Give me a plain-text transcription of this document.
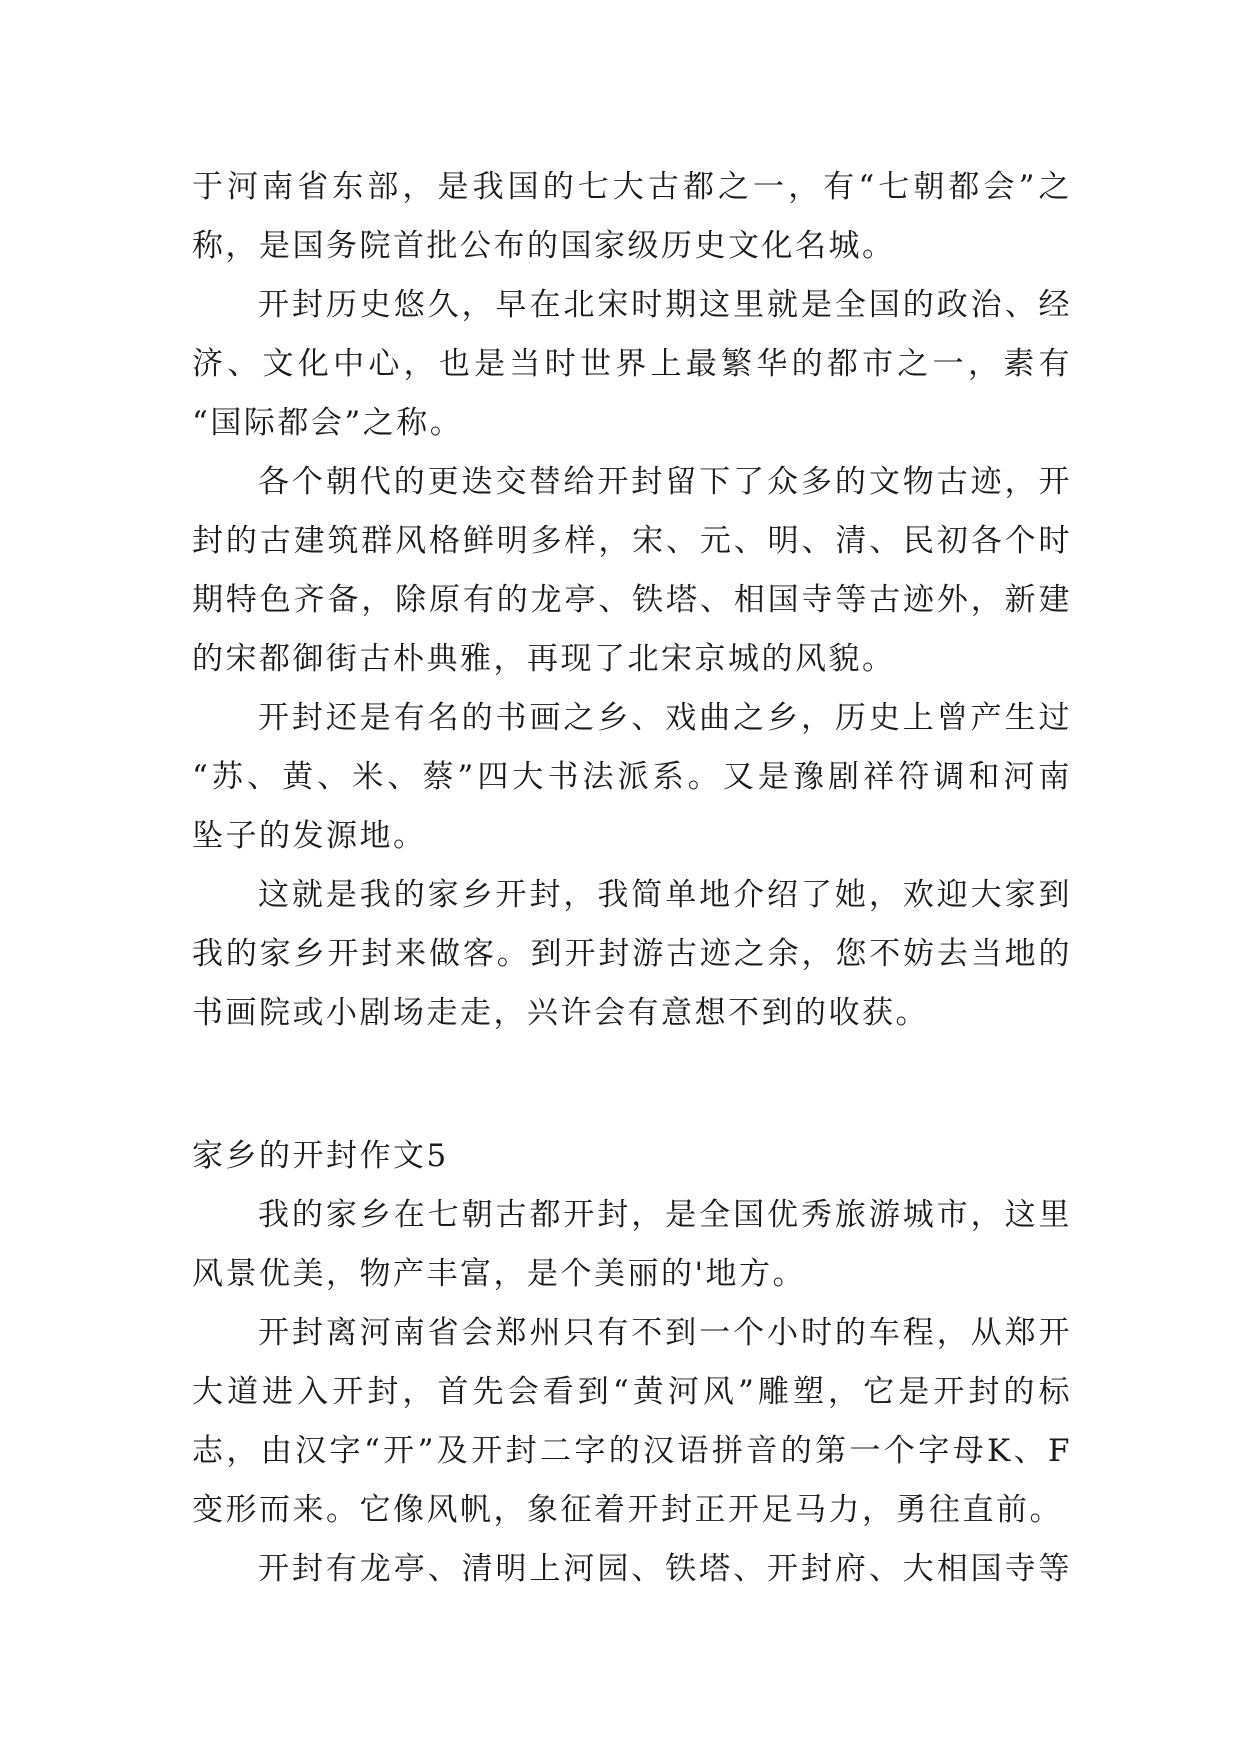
于河南省东部，是我国的七大古都之一，有“七朝都会”之
称，是国务院首批公布的国家级历史文化名城。
开封历史悠久，早在北宋时期这里就是全国的政治、经
济、文化中心，也是当时世界上最繁华的都市之一，素有
“国际都会”之称。
各个朝代的更迭交替给开封留下了众多的文物古迹，开
封的古建筑群风格鲜明多样，宋、元、明、清、民初各个时
期特色齐备，除原有的龙亭、铁塔、相国寺等古迹外，新建
的宋都御街古朴典雅，再现了北宋京城的风貌。
开封还是有名的书画之乡、戏曲之乡，历史上曾产生过
“苏、黄、米、蔡”四大书法派系。又是豫剧祥符调和河南
坠子的发源地。
这就是我的家乡开封，我简单地介绍了她，欢迎大家到
我的家乡开封来做客。到开封游古迹之余，您不妨去当地的
书画院或小剧场走走，兴许会有意想不到的收获。
家乡的开封作文5
我的家乡在七朝古都开封，是全国优秀旅游城市，这里
风景优美，物产丰富，是个美丽的'地方。
开封离河南省会郑州只有不到一个小时的车程，从郑开
大道进入开封，首先会看到“黄河风”雕塑，它是开封的标
志，由汉字“开”及开封二字的汉语拼音的第一个字母K、F
变形而来。它像风帆，象征着开封正开足马力，勇往直前。
开封有龙亭、清明上河园、铁塔、开封府、大相国寺等
